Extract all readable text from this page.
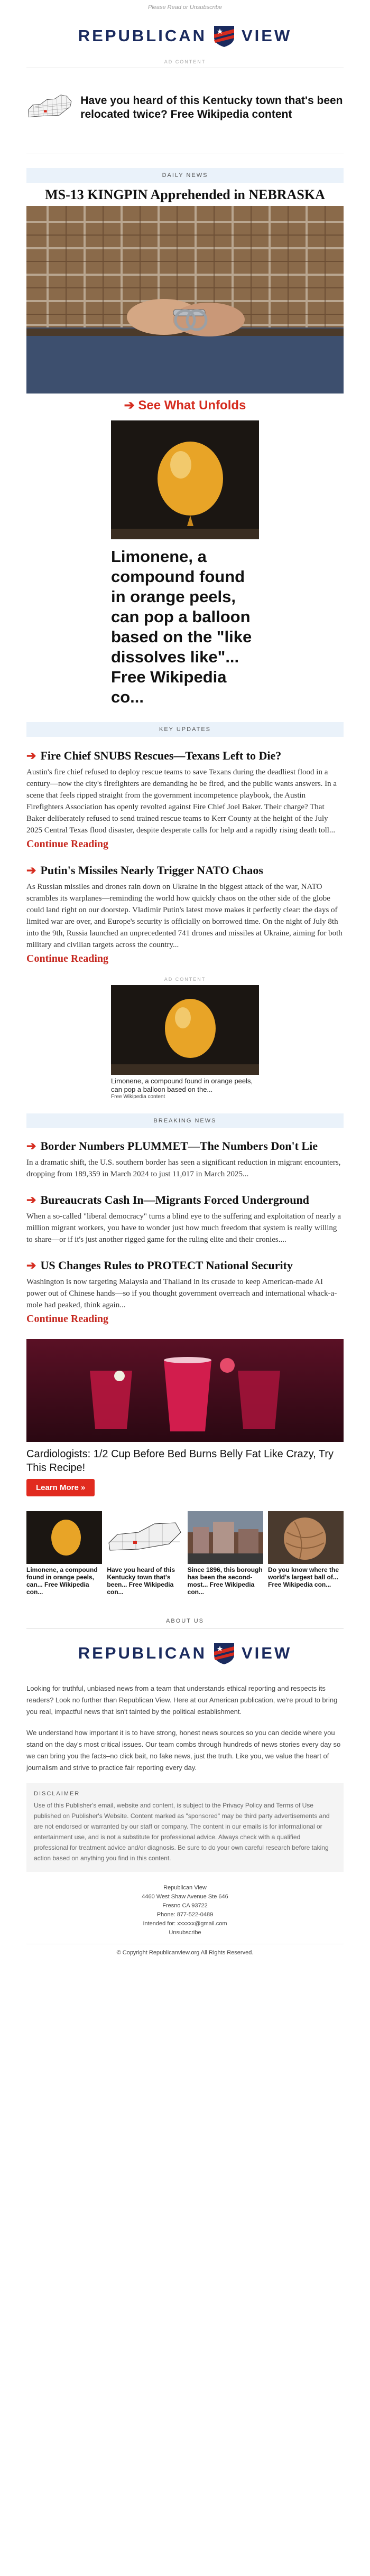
Please Read or Unsubscribe
REPUBLICAN VIEW
AD CONTENT
Have you heard of this Kentucky town that's been relocated twice? Free Wikipedia content
DAILY NEWS
MS-13 KINGPIN Apprehended in NEBRASKA
➔ See What Unfolds
Limonene, a compound found in orange peels, can pop a balloon based on the "like dissolves like"... Free Wikipedia co...
KEY UPDATES
➔ Fire Chief SNUBS Rescues—Texans Left to Die?

Austin's fire chief refused to deploy rescue teams to save Texans during the deadliest flood in a century—now the city's firefighters are demanding he be fired, and the public wants answers. In a scene that feels ripped straight from the government incompetence playbook, the Austin Firefighters Association has openly revolted against Fire Chief Joel Baker. Their charge? That Baker deliberately refused to send trained rescue teams to Kerr County at the height of the July 2025 Central Texas flood disaster, despite desperate calls for help and a rapidly rising death toll...

Continue Reading
➔ Putin's Missiles Nearly Trigger NATO Chaos

As Russian missiles and drones rain down on Ukraine in the biggest attack of the war, NATO scrambles its warplanes—reminding the world how quickly chaos on the other side of the globe could land right on our doorstep. Vladimir Putin's latest move makes it perfectly clear: the days of limited war are over, and Europe's security is officially on borrowed time. On the night of July 8th into the 9th, Russia launched an unprecedented 741 drones and missiles at Ukraine, aiming for both military and civilian targets across the country...

Continue Reading
AD CONTENT
Limonene, a compound found in orange peels, can pop a balloon based on the...
Free Wikipedia content
BREAKING NEWS
➔ Border Numbers PLUMMET—The Numbers Don't Lie

In a dramatic shift, the U.S. southern border has seen a significant reduction in migrant encounters, dropping from 189,359 in March 2024 to just 11,017 in March 2025...

➔ Bureaucrats Cash In—Migrants Forced Underground

When a so-called "liberal democracy" turns a blind eye to the suffering and exploitation of nearly a million migrant workers, you have to wonder just how much freedom that system is really willing to share—or if it's just another rigged game for the ruling elite and their cronies....

➔ US Changes Rules to PROTECT National Security

Washington is now targeting Malaysia and Thailand in its crusade to keep American-made AI power out of Chinese hands—so if you thought government overreach and international whack-a-mole had peaked, think again...

Continue Reading
Cardiologists: 1/2 Cup Before Bed Burns Belly Fat Like Crazy, Try This Recipe!
Learn More »
Limonene, a compound found in orange peels, can... Free Wikipedia con...
Have you heard of this Kentucky town that's been... Free Wikipedia con...
Since 1896, this borough has been the second-most... Free Wikipedia con...
Do you know where the world's largest ball of... Free Wikipedia con...
ABOUT US
REPUBLICAN VIEW

Looking for truthful, unbiased news from a team that understands ethical reporting and respects its readers? Look no further than Republican View. Here at our American publication, we're proud to bring you real, impactful news that isn't tainted by the political establishment.

We understand how important it is to have strong, honest news sources so you can decide where you stand on the day's most critical issues. Our team combs through hundreds of news stories every day so we can bring you the facts–no click bait, no fake news, just the truth. Like you, we value the heart of journalism and strive to practice fair reporting every day.

DISCLAIMER
Use of this Publisher's email, website and content, is subject to the Privacy Policy and Terms of Use published on Publisher's Website. Content marked as "sponsored" may be third party advertisements and are not endorsed or warranted by our staff or company. The content in our emails is for informational or entertainment use, and is not a substitute for professional advice. Always check with a qualified professional for treatment advice and/or diagnosis. Be sure to do your own careful research before taking action based on anything you find in this content.
Republican View
4460 West Shaw Avenue Ste 646
Fresno CA 93722
Phone: 877-522-0489
Intended for: xxxxxx@gmail.com
Unsubscribe
© Copyright Republicanview.org All Rights Reserved.
